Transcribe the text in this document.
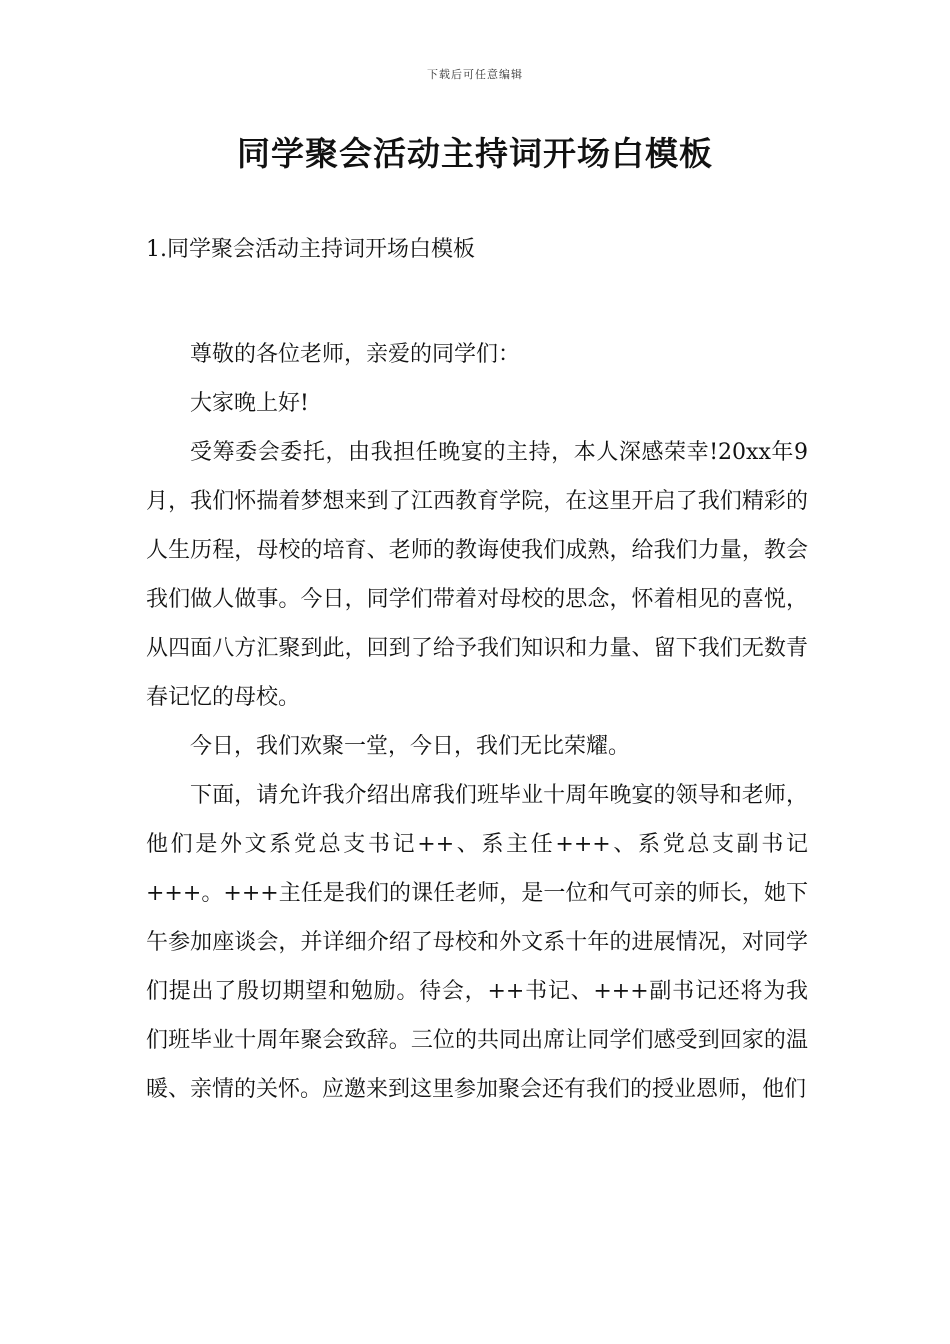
下载后可任意编辑
同学聚会活动主持词开场白模板
1.同学聚会活动主持词开场白模板

尊敬的各位老师，亲爱的同学们：

大家晚上好!

受筹委会委托，由我担任晚宴的主持，本人深感荣幸!20xx年9月，我们怀揣着梦想来到了江西教育学院，在这里开启了我们精彩的人生历程，母校的培育、老师的教诲使我们成熟，给我们力量，教会我们做人做事。今日，同学们带着对母校的思念，怀着相见的喜悦，从四面八方汇聚到此，回到了给予我们知识和力量、留下我们无数青春记忆的母校。

今日，我们欢聚一堂，今日，我们无比荣耀。

下面，请允许我介绍出席我们班毕业十周年晚宴的领导和老师，他们是外文系党总支书记++、系主任+++、系党总支副书记+++。+++主任是我们的课任老师，是一位和气可亲的师长，她下午参加座谈会，并详细介绍了母校和外文系十年的进展情况，对同学们提出了殷切期望和勉励。待会，++书记、+++副书记还将为我们班毕业十周年聚会致辞。三位的共同出席让同学们感受到回家的温暖、亲情的关怀。应邀来到这里参加聚会还有我们的授业恩师，他们
